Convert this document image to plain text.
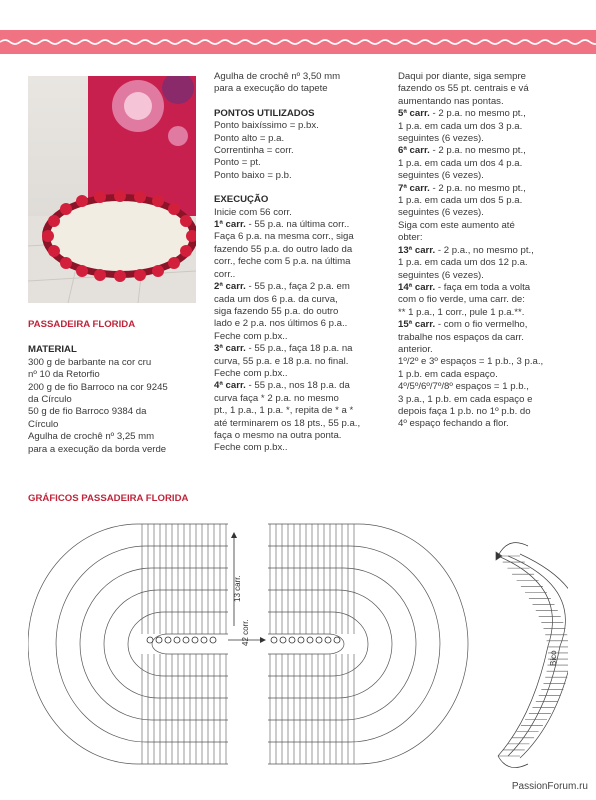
PASSADEIRA FLORIDA

MATERIAL

300 g de barbante na cor cru

nº 10 da Retorfio

200 g de fio Barroco na cor 9245

da Círculo

50 g de fio Barroco 9384 da

Círculo

Agulha de crochê nº 3,25 mm

para a execução da borda verde

Agulha de crochê nº 3,50 mm

para a execução do tapete

PONTOS UTILIZADOS

Ponto baixíssimo = p.bx.

Ponto alto = p.a.

Correntinha = corr.

Ponto = pt.

Ponto baixo = p.b.

EXECUÇÃO

Inicie com 56 corr.

1ª carr. - 55 p.a. na última corr..

Faça 6 p.a. na mesma corr., siga

fazendo 55 p.a. do outro lado da

corr., feche com 5 p.a. na última

corr..

2ª carr. - 55 p.a., faça 2 p.a. em

cada um dos 6 p.a. da curva,

siga fazendo 55 p.a. do outro

lado e 2 p.a. nos últimos 6 p.a..

Feche com p.bx..

3ª carr. - 55 p.a., faça 18 p.a. na

curva, 55 p.a. e 18 p.a. no final.

Feche com p.bx..

4ª carr. - 55 p.a., nos 18 p.a. da

curva faça * 2 p.a. no mesmo

pt., 1 p.a., 1 p.a. *, repita de * a *

até terminarem os 18 pts., 55 p.a.,

faça o mesmo na outra ponta.

Feche com p.bx..

Daqui por diante, siga sempre

fazendo os 55 pt. centrais e vá

aumentando nas pontas.

5ª carr. - 2 p.a. no mesmo pt.,

1 p.a. em cada um dos 3 p.a.

seguintes (6 vezes).

6ª carr. - 2 p.a. no mesmo pt.,

1 p.a. em cada um dos 4 p.a.

seguintes (6 vezes).

7ª carr. - 2 p.a. no mesmo pt.,

1 p.a. em cada um dos 5 p.a.

seguintes (6 vezes).

Siga com este aumento até

obter:

13ª carr. - 2 p.a., no mesmo pt.,

1 p.a. em cada um dos 12 p.a.

seguintes (6 vezes).

14ª carr. - faça em toda a volta

com o fio verde, uma carr. de:

** 1 p.a., 1 corr., pule 1 p.a.**.

15ª carr. - com o fio vermelho,

trabalhe nos espaços da carr.

anterior.

1º/2º e 3º espaços = 1 p.b., 3 p.a.,

1 p.b. em cada espaço.

4º/5º/6º/7º/8º espaços = 1 p.b.,

3 p.a., 1 p.b. em cada espaço e

depois faça 1 p.b. no 1º p.b. do

4º espaço fechando a flor.

GRÁFICOS PASSADEIRA FLORIDA
13 carr.
42 corr.
Bico
PassionForum.ru
